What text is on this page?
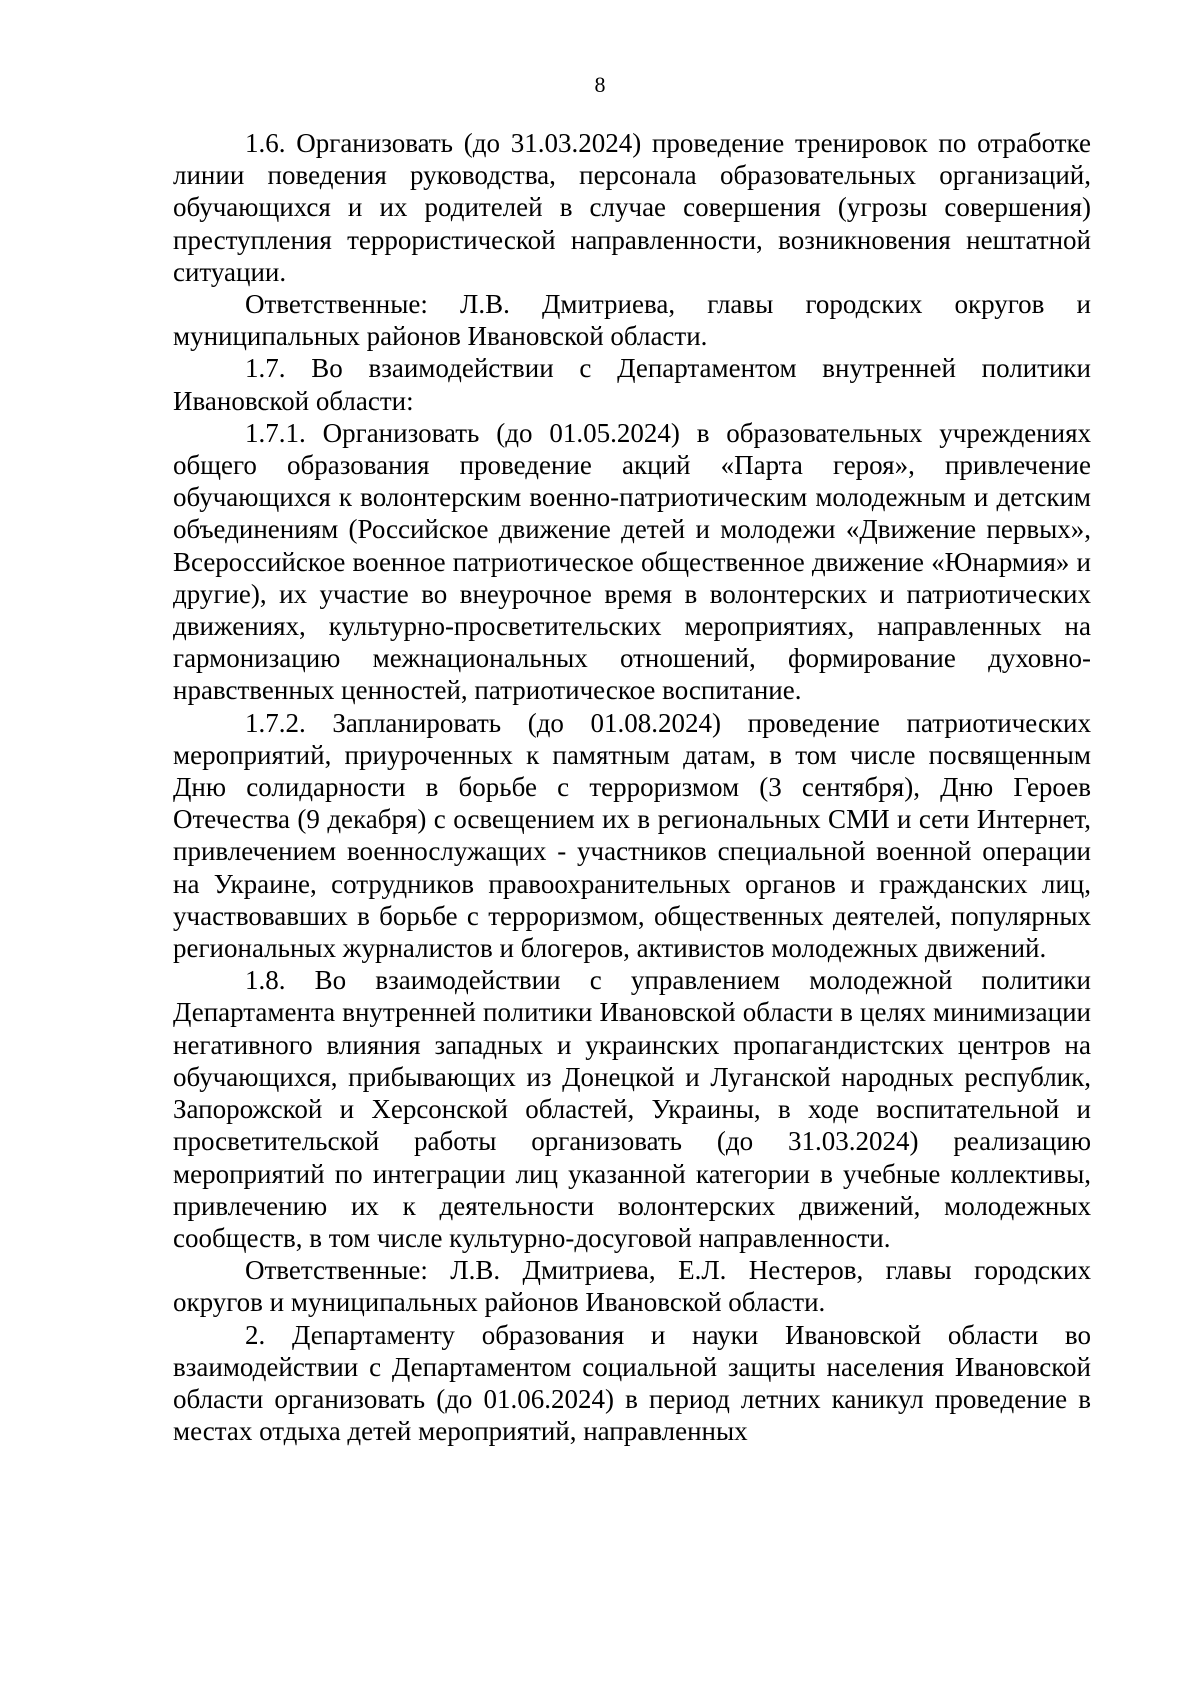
8

1.6. Организовать (до 31.03.2024) проведение тренировок по отработке линии поведения руководства, персонала образовательных организаций, обучающихся и их родителей в случае совершения (угрозы совершения) преступления террористической направленности, возникновения нештатной ситуации.

Ответственные: Л.В. Дмитриева, главы городских округов и муниципальных районов Ивановской области.

1.7. Во взаимодействии с Департаментом внутренней политики Ивановской области:

1.7.1. Организовать (до 01.05.2024) в образовательных учреждениях общего образования проведение акций «Парта героя», привлечение обучающихся к волонтерским военно-патриотическим молодежным и детским объединениям (Российское движение детей и молодежи «Движение первых», Всероссийское военное патриотическое общественное движение «Юнармия» и другие), их участие во внеурочное время в волонтерских и патриотических движениях, культурно-просветительских мероприятиях, направленных на гармонизацию межнациональных отношений, формирование духовно-нравственных ценностей, патриотическое воспитание.

1.7.2. Запланировать (до 01.08.2024) проведение патриотических мероприятий, приуроченных к памятным датам, в том числе посвященным Дню солидарности в борьбе с терроризмом (3 сентября), Дню Героев Отечества (9 декабря) с освещением их в региональных СМИ и сети Интернет, привлечением военнослужащих - участников специальной военной операции на Украине, сотрудников правоохранительных органов и гражданских лиц, участвовавших в борьбе с терроризмом, общественных деятелей, популярных региональных журналистов и блогеров, активистов молодежных движений.

1.8. Во взаимодействии с управлением молодежной политики Департамента внутренней политики Ивановской области в целях минимизации негативного влияния западных и украинских пропагандистских центров на обучающихся, прибывающих из Донецкой и Луганской народных республик, Запорожской и Херсонской областей, Украины, в ходе воспитательной и просветительской работы организовать (до 31.03.2024) реализацию мероприятий по интеграции лиц указанной категории в учебные коллективы, привлечению их к деятельности волонтерских движений, молодежных сообществ, в том числе культурно-досуговой направленности.

Ответственные: Л.В. Дмитриева, Е.Л. Нестеров, главы городских округов и муниципальных районов Ивановской области.

2. Департаменту образования и науки Ивановской области во взаимодействии с Департаментом социальной защиты населения Ивановской области организовать (до 01.06.2024) в период летних каникул проведение в местах отдыха детей мероприятий, направленных
